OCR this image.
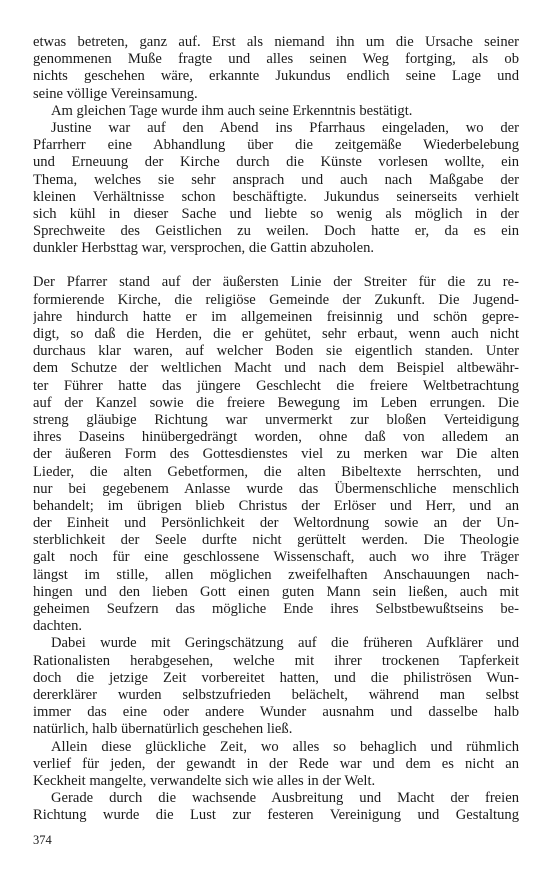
etwas betreten, ganz auf. Erst als niemand ihn um die Ursache seiner
genommenen Muße fragte und alles seinen Weg fortging, als ob
nichts geschehen wäre, erkannte Jukundus endlich seine Lage und
seine völlige Vereinsamung.
Am gleichen Tage wurde ihm auch seine Erkenntnis bestätigt.
Justine war auf den Abend ins Pfarrhaus eingeladen, wo der
Pfarrherr eine Abhandlung über die zeitgemäße Wiederbelebung
und Erneuung der Kirche durch die Künste vorlesen wollte, ein
Thema, welches sie sehr ansprach und auch nach Maßgabe der
kleinen Verhältnisse schon beschäftigte. Jukundus seinerseits verhielt
sich kühl in dieser Sache und liebte so wenig als möglich in der
Sprechweite des Geistlichen zu weilen. Doch hatte er, da es ein
dunkler Herbsttag war, versprochen, die Gattin abzuholen.
Der Pfarrer stand auf der äußersten Linie der Streiter für die zu re-
formierende Kirche, die religiöse Gemeinde der Zukunft. Die Jugend-
jahre hindurch hatte er im allgemeinen freisinnig und schön gepre-
digt, so daß die Herden, die er gehütet, sehr erbaut, wenn auch nicht
durchaus klar waren, auf welcher Boden sie eigentlich standen. Unter
dem Schutze der weltlichen Macht und nach dem Beispiel altbewähr-
ter Führer hatte das jüngere Geschlecht die freiere Weltbetrachtung
auf der Kanzel sowie die freiere Bewegung im Leben errungen. Die
streng gläubige Richtung war unvermerkt zur bloßen Verteidigung
ihres Daseins hinübergedrängt worden, ohne daß von alledem an
der äußeren Form des Gottesdienstes viel zu merken war Die alten
Lieder, die alten Gebetformen, die alten Bibeltexte herrschten, und
nur bei gegebenem Anlasse wurde das Übermenschliche menschlich
behandelt; im übrigen blieb Christus der Erlöser und Herr, und an
der Einheit und Persönlichkeit der Weltordnung sowie an der Un-
sterblichkeit der Seele durfte nicht gerüttelt werden. Die Theologie
galt noch für eine geschlossene Wissenschaft, auch wo ihre Träger
längst im stille, allen möglichen zweifelhaften Anschauungen nach-
hingen und den lieben Gott einen guten Mann sein ließen, auch mit
geheimen Seufzern das mögliche Ende ihres Selbstbewußtseins be-
dachten.
Dabei wurde mit Geringschätzung auf die früheren Aufklärer und
Rationalisten herabgesehen, welche mit ihrer trockenen Tapferkeit
doch die jetzige Zeit vorbereitet hatten, und die philiströsen Wun-
dererklärer wurden selbstzufrieden belächelt, während man selbst
immer das eine oder andere Wunder ausnahm und dasselbe halb
natürlich, halb übernatürlich geschehen ließ.
Allein diese glückliche Zeit, wo alles so behaglich und rühmlich
verlief für jeden, der gewandt in der Rede war und dem es nicht an
Keckheit mangelte, verwandelte sich wie alles in der Welt.
Gerade durch die wachsende Ausbreitung und Macht der freien
Richtung wurde die Lust zur festeren Vereinigung und Gestaltung
374
